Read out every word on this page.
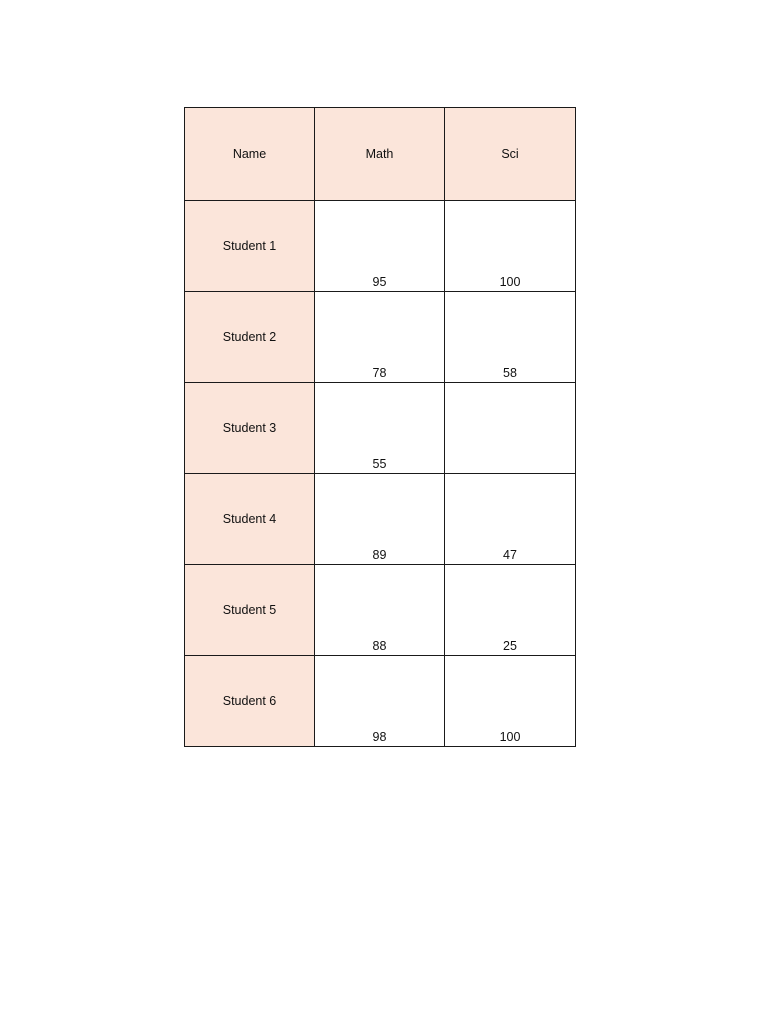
Name	Math	Sci
Student 1	95	100
Student 2	78	58
Student 3	55	
Student 4	89	47
Student 5	88	25
Student 6	98	100
